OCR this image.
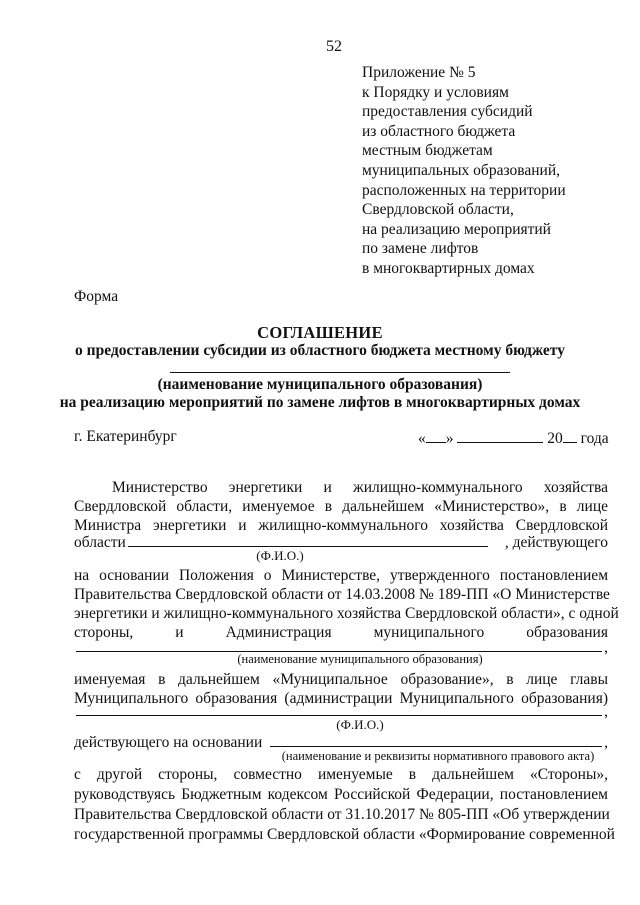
52
Приложение № 5
к Порядку и условиям
предоставления субсидий
из областного бюджета
местным бюджетам
муниципальных образований,
расположенных на территории
Свердловской области,
на реализацию мероприятий
по замене лифтов
в многоквартирных домах
Форма
СОГЛАШЕНИЕ
о предоставлении субсидии из областного бюджета местному бюджету
(наименование муниципального образования)
на реализацию мероприятий по замене лифтов в многоквартирных домах
г. Екатеринбург	« »	20 года
Министерство энергетики и жилищно-коммунального хозяйства
Свердловской области, именуемое в дальнейшем «Министерство», в лице
Министра энергетики и жилищно-коммунального хозяйства Свердловской
области	, действующего
(Ф.И.О.)
на основании Положения о Министерстве, утвержденного постановлением
Правительства Свердловской области от 14.03.2008 № 189-ПП «О Министерстве
энергетики и жилищно-коммунального хозяйства Свердловской области», с одной
стороны, и Администрация муниципального образования
,
(наименование муниципального образования)
именуемая в дальнейшем «Муниципальное образование», в лице главы
Муниципального образования (администрации Муниципального образования)
,
(Ф.И.О.)
действующего на основании	,
(наименование и реквизиты нормативного правового акта)
с другой стороны, совместно именуемые в дальнейшем «Стороны»,
руководствуясь Бюджетным кодексом Российской Федерации, постановлением
Правительства Свердловской области от 31.10.2017 № 805-ПП «Об утверждении
государственной программы Свердловской области «Формирование современной
